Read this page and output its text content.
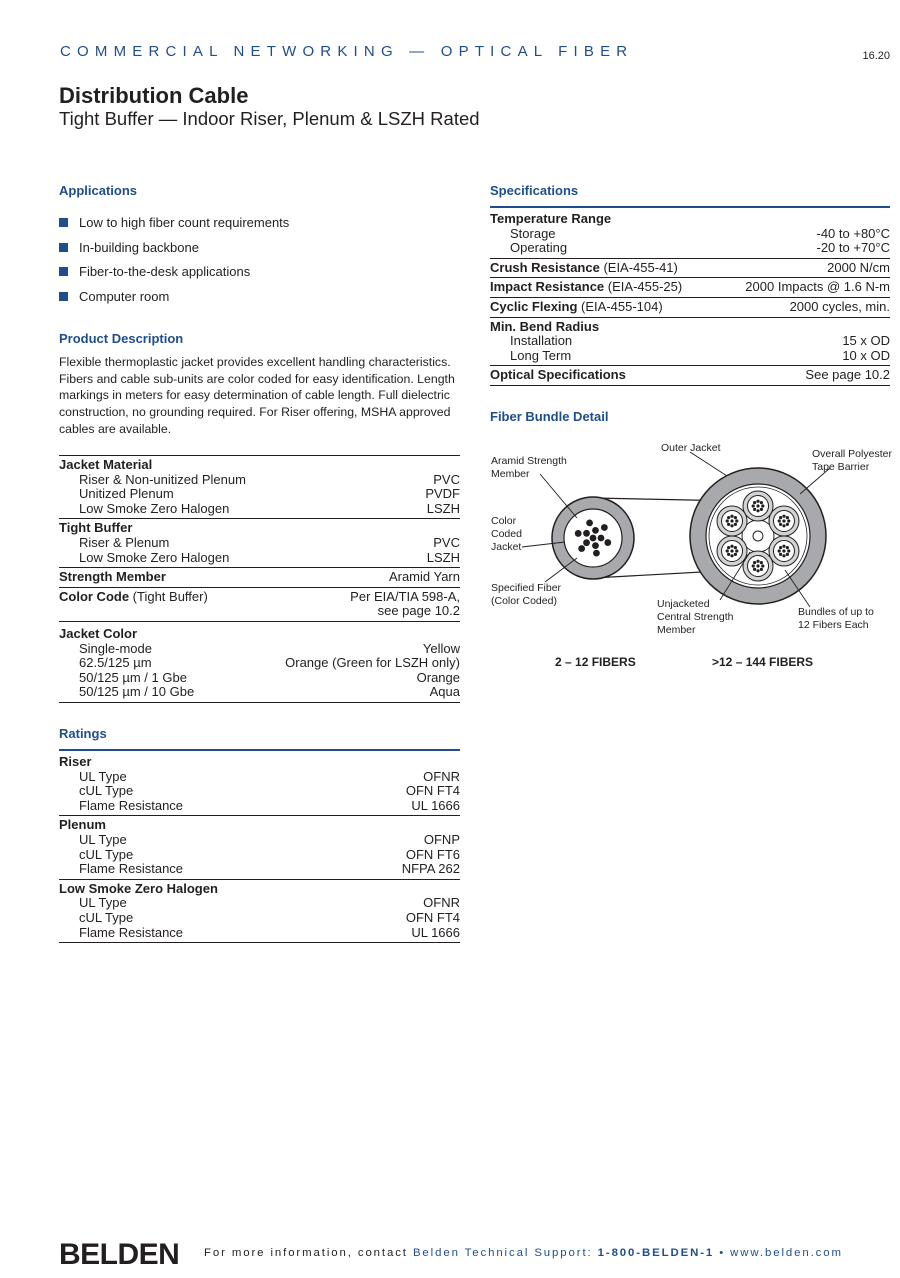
COMMERCIAL NETWORKING — OPTICAL FIBER	16.20
Distribution Cable
Tight Buffer — Indoor Riser, Plenum & LSZH Rated
Applications
Low to high fiber count requirements
In-building backbone
Fiber-to-the-desk applications
Computer room
Product Description
Flexible thermoplastic jacket provides excellent handling characteristics. Fibers and cable sub-units are color coded for easy identification. Length markings in meters for easy determination of cable length. Full dielectric construction, no grounding required. For Riser offering, MSHA approved cables are available.
Jacket Material	
Riser & Non-unitized Plenum	PVC
Unitized Plenum	PVDF
Low Smoke Zero Halogen	LSZH
Tight Buffer	
Riser & Plenum	PVC
Low Smoke Zero Halogen	LSZH
Strength Member	Aramid Yarn
Color Code (Tight Buffer)	Per EIA/TIA 598-A,
	see page 10.2
Jacket Color	
Single-mode	Yellow
62.5/125 µm	Orange (Green for LSZH only)
50/125 µm / 1 Gbe	Orange
50/125 µm / 10 Gbe	Aqua
Ratings
Riser	
UL Type	OFNR
cUL Type	OFN FT4
Flame Resistance	UL 1666
Plenum	
UL Type	OFNP
cUL Type	OFN FT6
Flame Resistance	NFPA 262
Low Smoke Zero Halogen	
UL Type	OFNR
cUL Type	OFN FT4
Flame Resistance	UL 1666
Specifications
Temperature Range	
Storage	-40 to +80°C
Operating	-20 to +70°C
Crush Resistance (EIA-455-41)	2000 N/cm
Impact Resistance (EIA-455-25)	2000 Impacts @ 1.6 N-m
Cyclic Flexing (EIA-455-104)	2000 cycles, min.
Min. Bend Radius	
Installation	15 x OD
Long Term	10 x OD
Optical Specifications	See page 10.2
Fiber Bundle Detail
Aramid Strength
Member
Color
Coded
Jacket
Specified Fiber
(Color Coded)
Outer Jacket	Overall Polyester
Tape Barrier
Unjacketed
Central Strength
Member
Bundles of up to
12 Fibers Each
2 – 12 FIBERS	>12 – 144 FIBERS
BELDEN For more information, contact Belden Technical Support: 1-800-BELDEN-1 • www.belden.com
